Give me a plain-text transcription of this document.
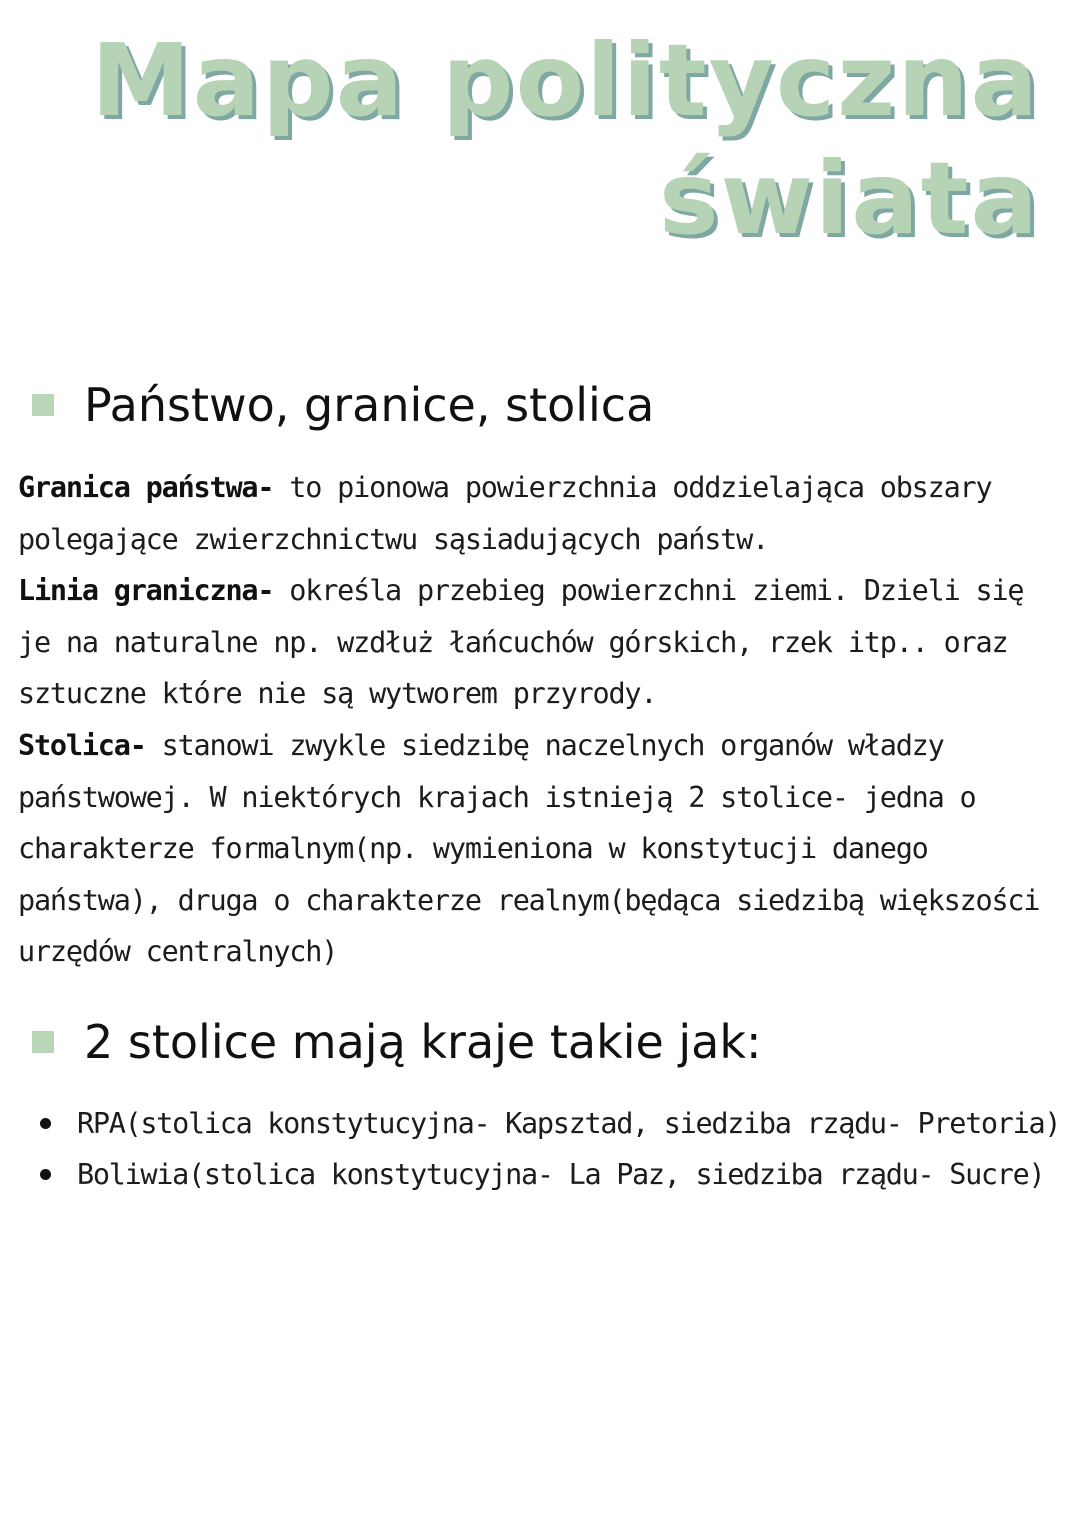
Mapa polityczna
świata
Państwo, granice, stolica

Granica państwa- to pionowa powierzchnia oddzielająca obszary polegające zwierzchnictwu sąsiadujących państw.

Linia graniczna- określa przebieg powierzchni ziemi. Dzieli się je na naturalne np. wzdłuż łańcuchów górskich, rzek itp.. oraz sztuczne które nie są wytworem przyrody.

Stolica- stanowi zwykle siedzibę naczelnych organów władzy państwowej. W niektórych krajach istnieją 2 stolice- jedna o charakterze formalnym(np. wymieniona w konstytucji danego państwa), druga o charakterze realnym(będąca siedzibą większości urzędów centralnych)

2 stolice mają kraje takie jak:
RPA(stolica konstytucyjna- Kapsztad, siedziba rządu- Pretoria)
Boliwia(stolica konstytucyjna- La Paz, siedziba rządu- Sucre)
